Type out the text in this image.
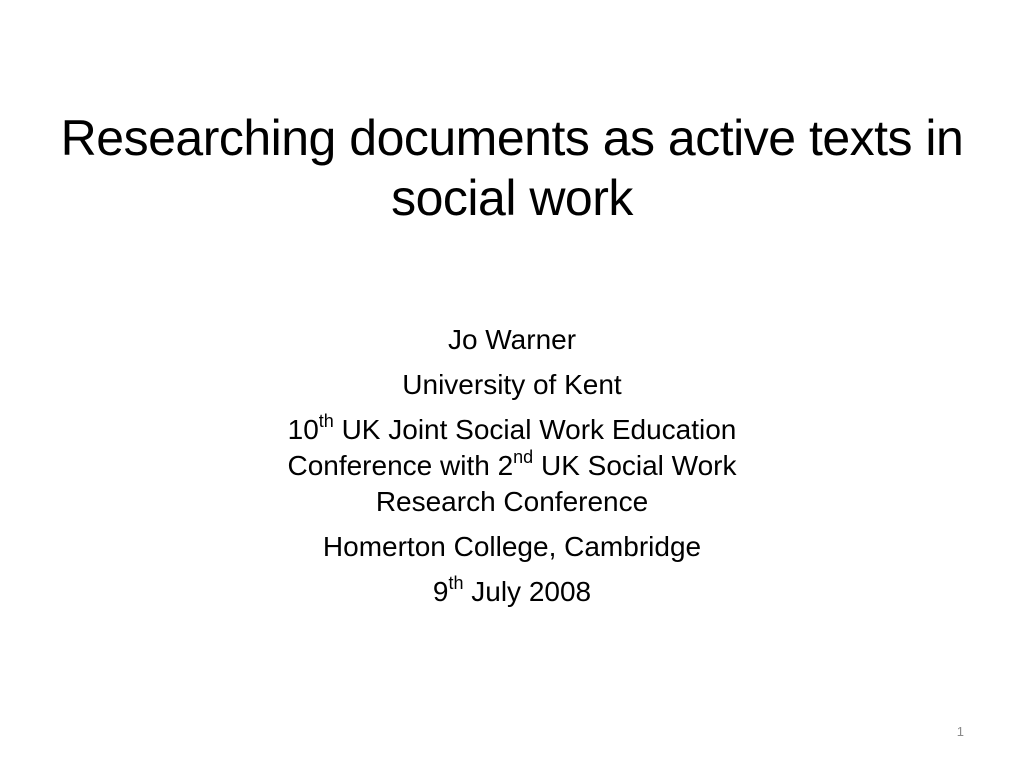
Researching documents as active texts in social work
Jo Warner
University of Kent
10th UK Joint Social Work Education
Conference with 2nd UK Social Work
Research Conference
Homerton College, Cambridge
9th July 2008
1
